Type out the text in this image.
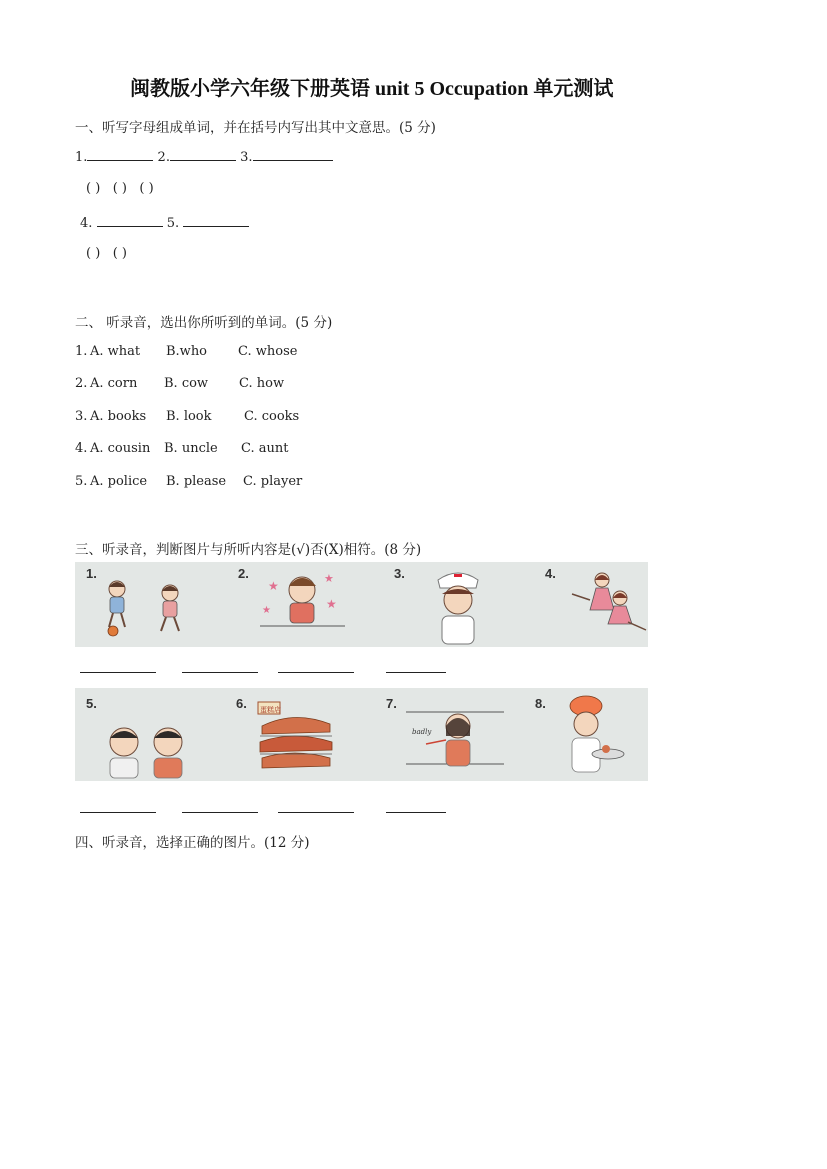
闽教版小学六年级下册英语 unit 5 Occupation 单元测试
一、听写字母组成单词，并在括号内写出其中文意思。(5 分)
1.	2.	3.
( ) ( ) ( )
4.	5.
( ) ( )
二、 听录音，选出你所听到的单词。(5 分)
1. A. what B.who C. whose
2. A. corn B. cow C. how
3. A. books B. look C. cooks
4. A. cousin B. uncle C. aunt
5. A. police B. please C. player
三、听录音，判断图片与所听内容是(√)否(X)相符。(8 分)
1.	2.	3.	4.
★
★
★	★
5.	6.	7.	8.
蛋糕店
badly
四、听录音，选择正确的图片。(12 分)
